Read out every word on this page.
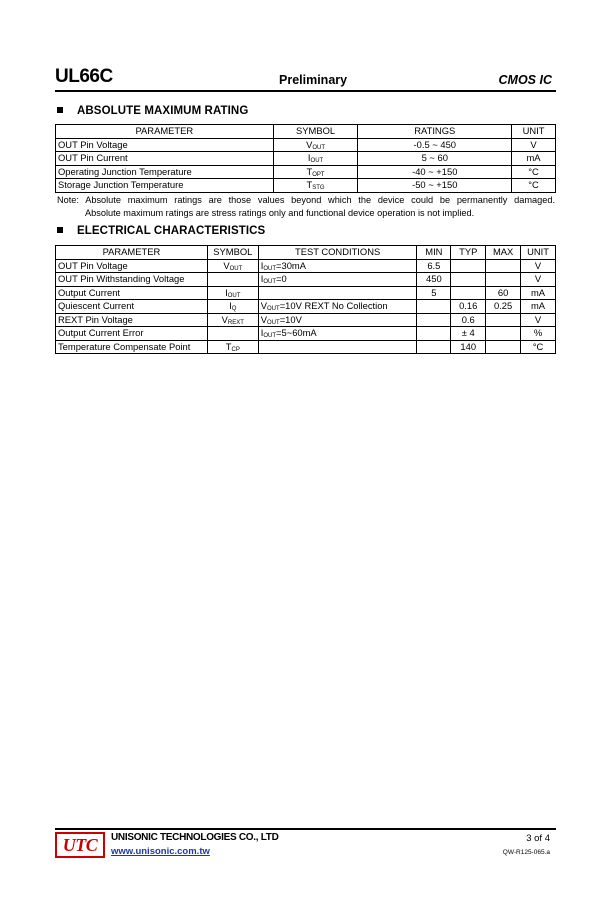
UL66C	Preliminary	CMOS IC
ABSOLUTE MAXIMUM RATING
PARAMETER	SYMBOL	RATINGS	UNIT
OUT Pin Voltage	$V_{OUT}$	-0.5 ~ 450	V
OUT Pin Current	$I_{OUT}$	5 ~ 60	mA
Operating Junction Temperature	$T_{OPT}$	-40 ~ +150	°C
Storage Junction Temperature	$T_{STG}$	-50 ~ +150	°C
Note: Absolute maximum ratings are those values beyond which the device could be permanently damaged.
Absolute maximum ratings are stress ratings only and functional device operation is not implied.
ELECTRICAL CHARACTERISTICS
PARAMETER	SYMBOL	TEST CONDITIONS	MIN	TYP	MAX	UNIT
OUT Pin Voltage	$V_{OUT}$	$I_{OUT}=30mA$	6.5			V
OUT Pin Withstanding Voltage		$I_{OUT}=0$	450			V
Output Current	$I_{OUT}$		5		60	mA
Quiescent Current	$I_Q$	$V_{OUT}=10V$ REXT No Collection		0.16	0.25	mA
REXT Pin Voltage	$V_{REXT}$	$V_{OUT}=10V$		0.6		V
Output Current Error		$I_{OUT}=5\sim 60mA$		± 4		%
Temperature Compensate Point	$T_{CP}$			140		°C
UTC UNISONIC TECHNOLOGIES CO., LTD
www.unisonic.com.tw
3 of 4
QW-R125-065.a
